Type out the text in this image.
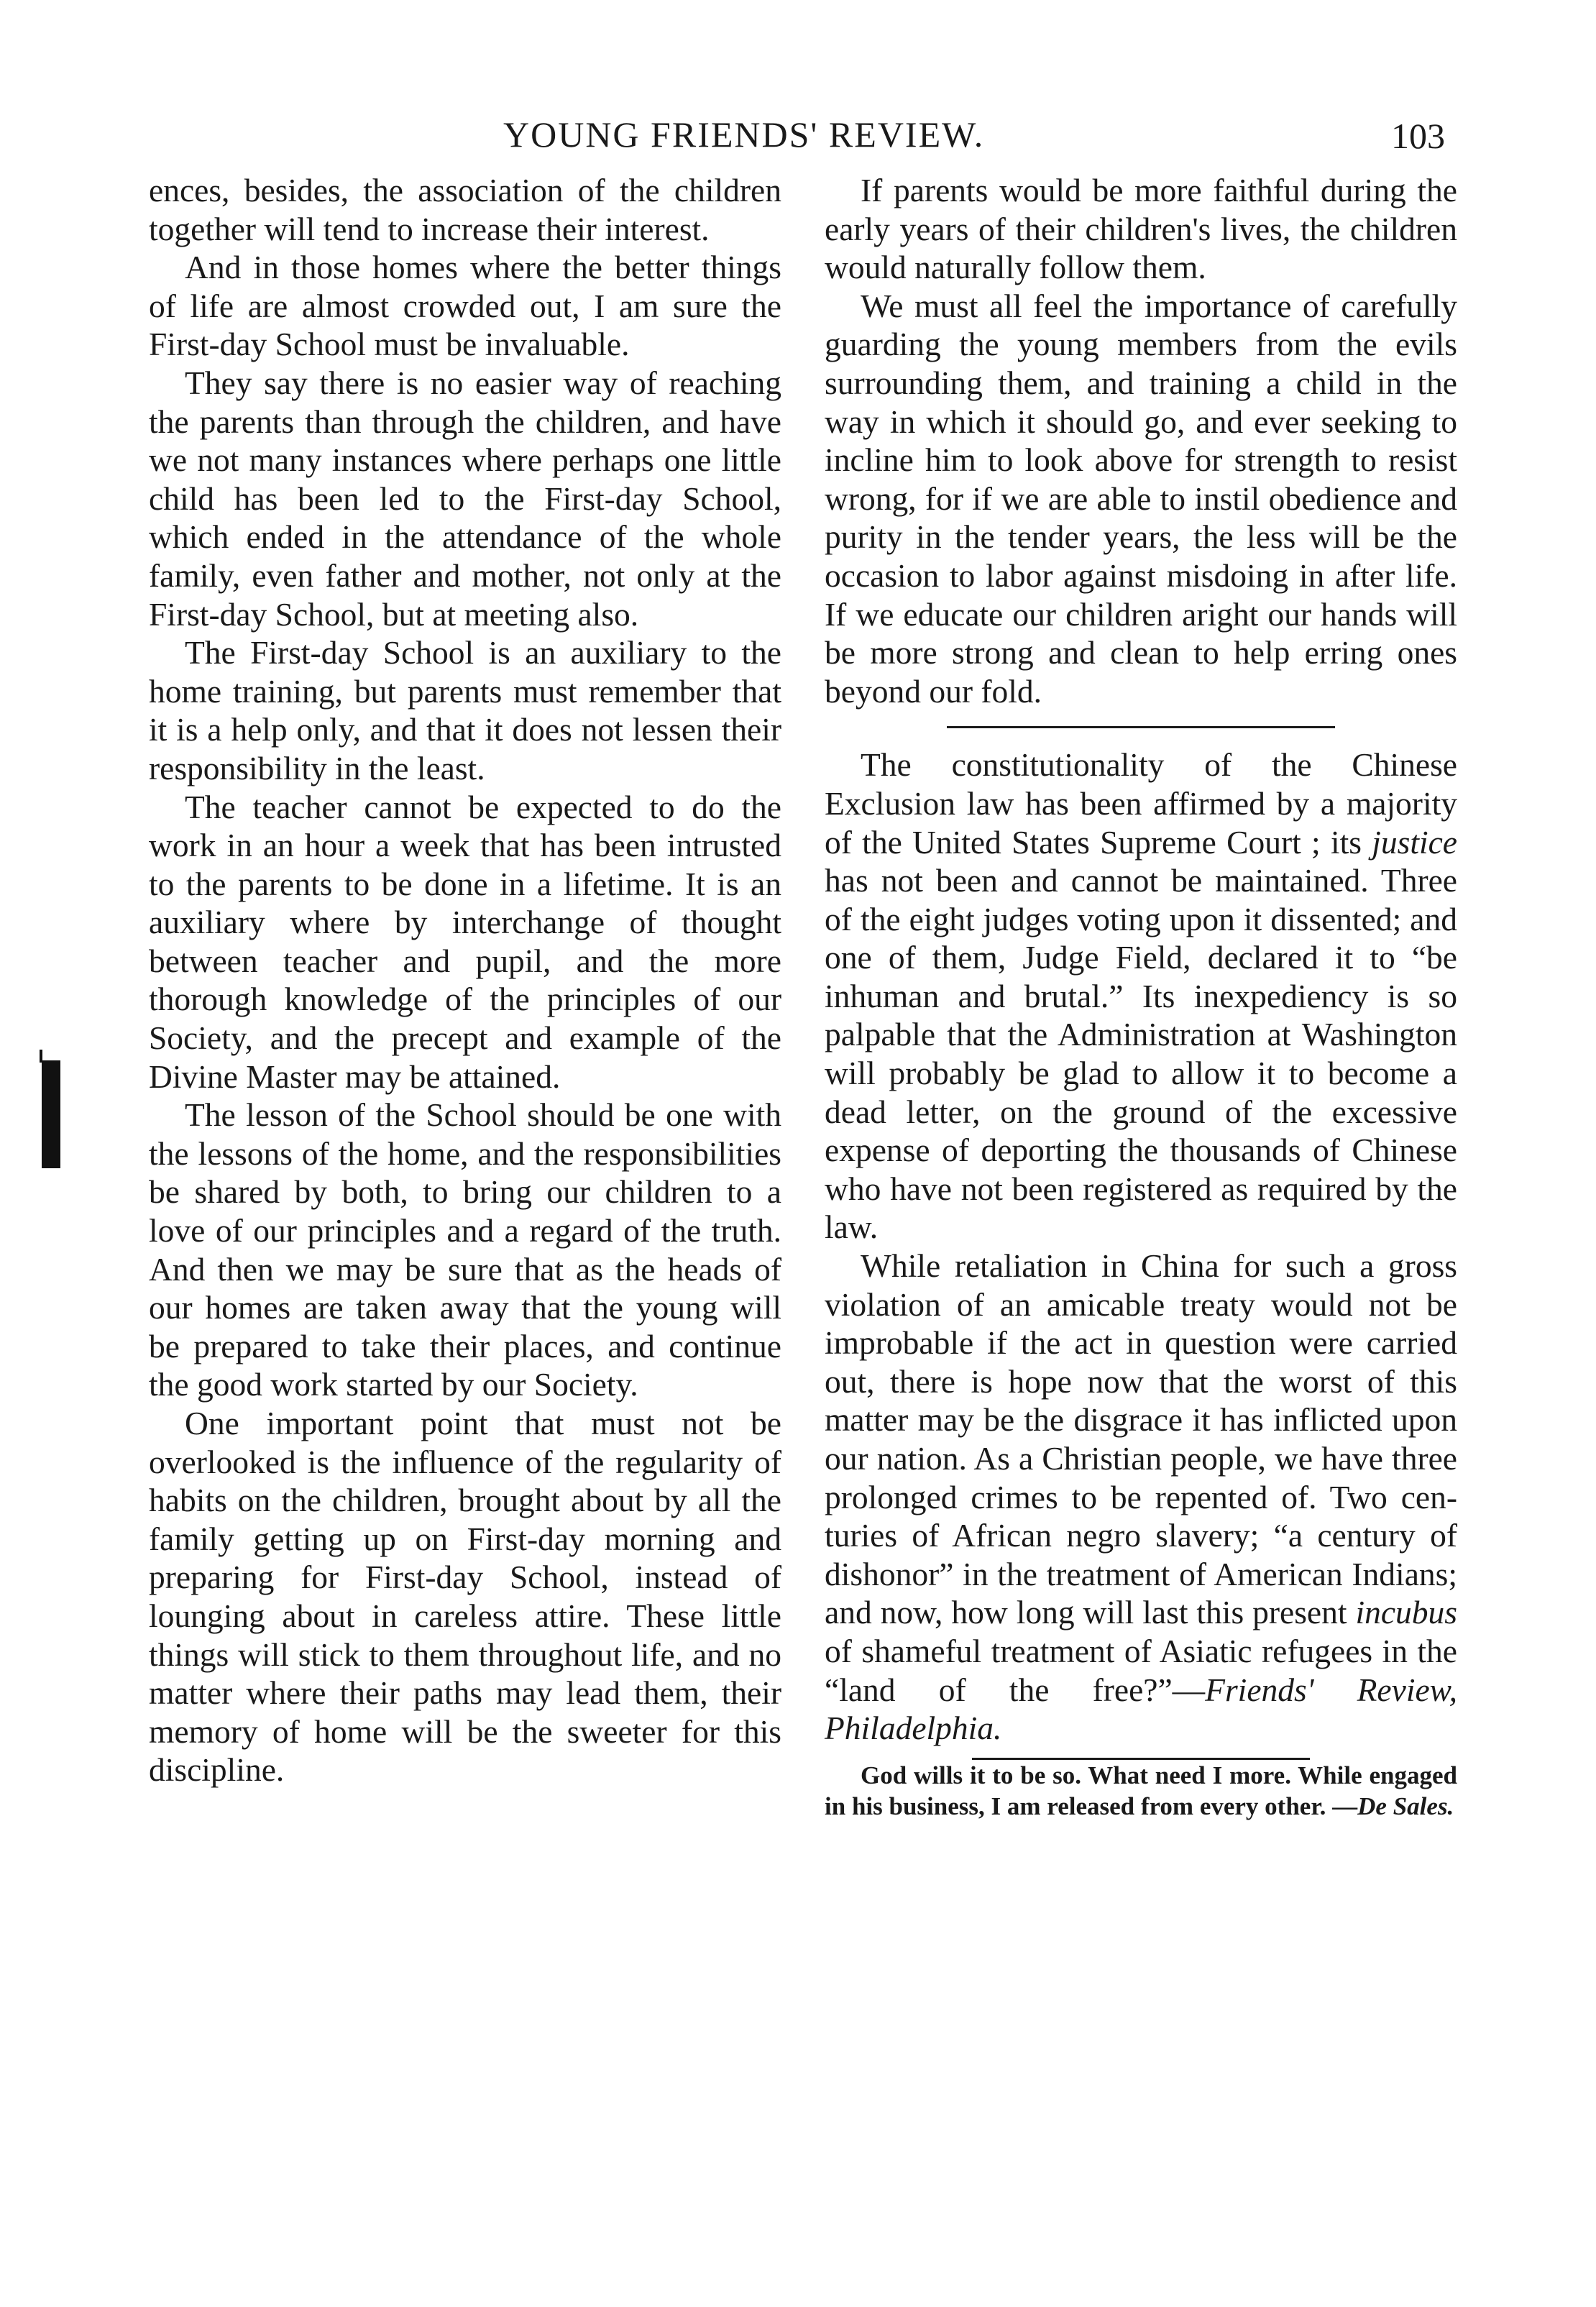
YOUNG FRIENDS' REVIEW.	103

ences, besides, the association of the children together will tend to increase their interest.

And in those homes where the better things of life are almost crowded out, I am sure the First-day School must be invaluable.

They say there is no easier way of reaching the parents than through the children, and have we not many instances where perhaps one little child has been led to the First-day School, which ended in the attendance of the whole family, even father and mother, not only at the First-day School, but at meeting also.

The First-day School is an auxiliary to the home training, but parents must remember that it is a help only, and that it does not lessen their responsibility in the least.

The teacher cannot be expected to do the work in an hour a week that has been intrusted to the parents to be done in a lifetime. It is an auxiliary where by interchange of thought between teacher and pupil, and the more thorough knowledge of the principles of our Society, and the precept and example of the Divine Master may be attained.

The lesson of the School should be one with the lessons of the home, and the responsibilities be shared by both, to bring our children to a love of our principles and a regard of the truth. And then we may be sure that as the heads of our homes are taken away that the young will be prepared to take their places, and continue the good work started by our Society.

One important point that must not be overlooked is the influence of the regularity of habits on the children, brought about by all the family getting up on First-day morning and preparing for First-day School, instead of lounging about in careless attire. These little things will stick to them throughout life, and no matter where their paths may lead them, their memory of home will be the sweeter for this discipline.

If parents would be more faithful during the early years of their children's lives, the children would naturally follow them.

We must all feel the importance of carefully guarding the young members from the evils surrounding them, and training a child in the way in which it should go, and ever seeking to incline him to look above for strength to resist wrong, for if we are able to instil obedience and purity in the tender years, the less will be the occasion to labor against misdoing in after life. If we educate our children aright our hands will be more strong and clean to help erring ones beyond our fold.

The constitutionality of the Chinese Exclusion law has been affirmed by a majority of the United States Supreme Court ; its justice has not been and cannot be maintained. Three of the eight judges voting upon it dissented; and one of them, Judge Field, declared it to “be inhuman and brutal.” Its inexpediency is so palpable that the Administration at Washington will probably be glad to allow it to become a dead letter, on the ground of the excessive expense of deporting the thousands of Chinese who have not been registered as required by the law.

While retaliation in China for such a gross violation of an amicable treaty would not be improbable if the act in question were carried out, there is hope now that the worst of this matter may be the disgrace it has inflicted upon our nation. As a Christian people, we have three prolonged crimes to be repented of. Two centuries of African negro slavery; “a century of dishonor” in the treatment of American Indians; and now, how long will last this present incubus of shameful treatment of Asiatic refugees in the “land of the free?”—Friends' Review, Philadelphia.

God wills it to be so. What need I more. While engaged in his business, I am released from every other. —De Sales.
